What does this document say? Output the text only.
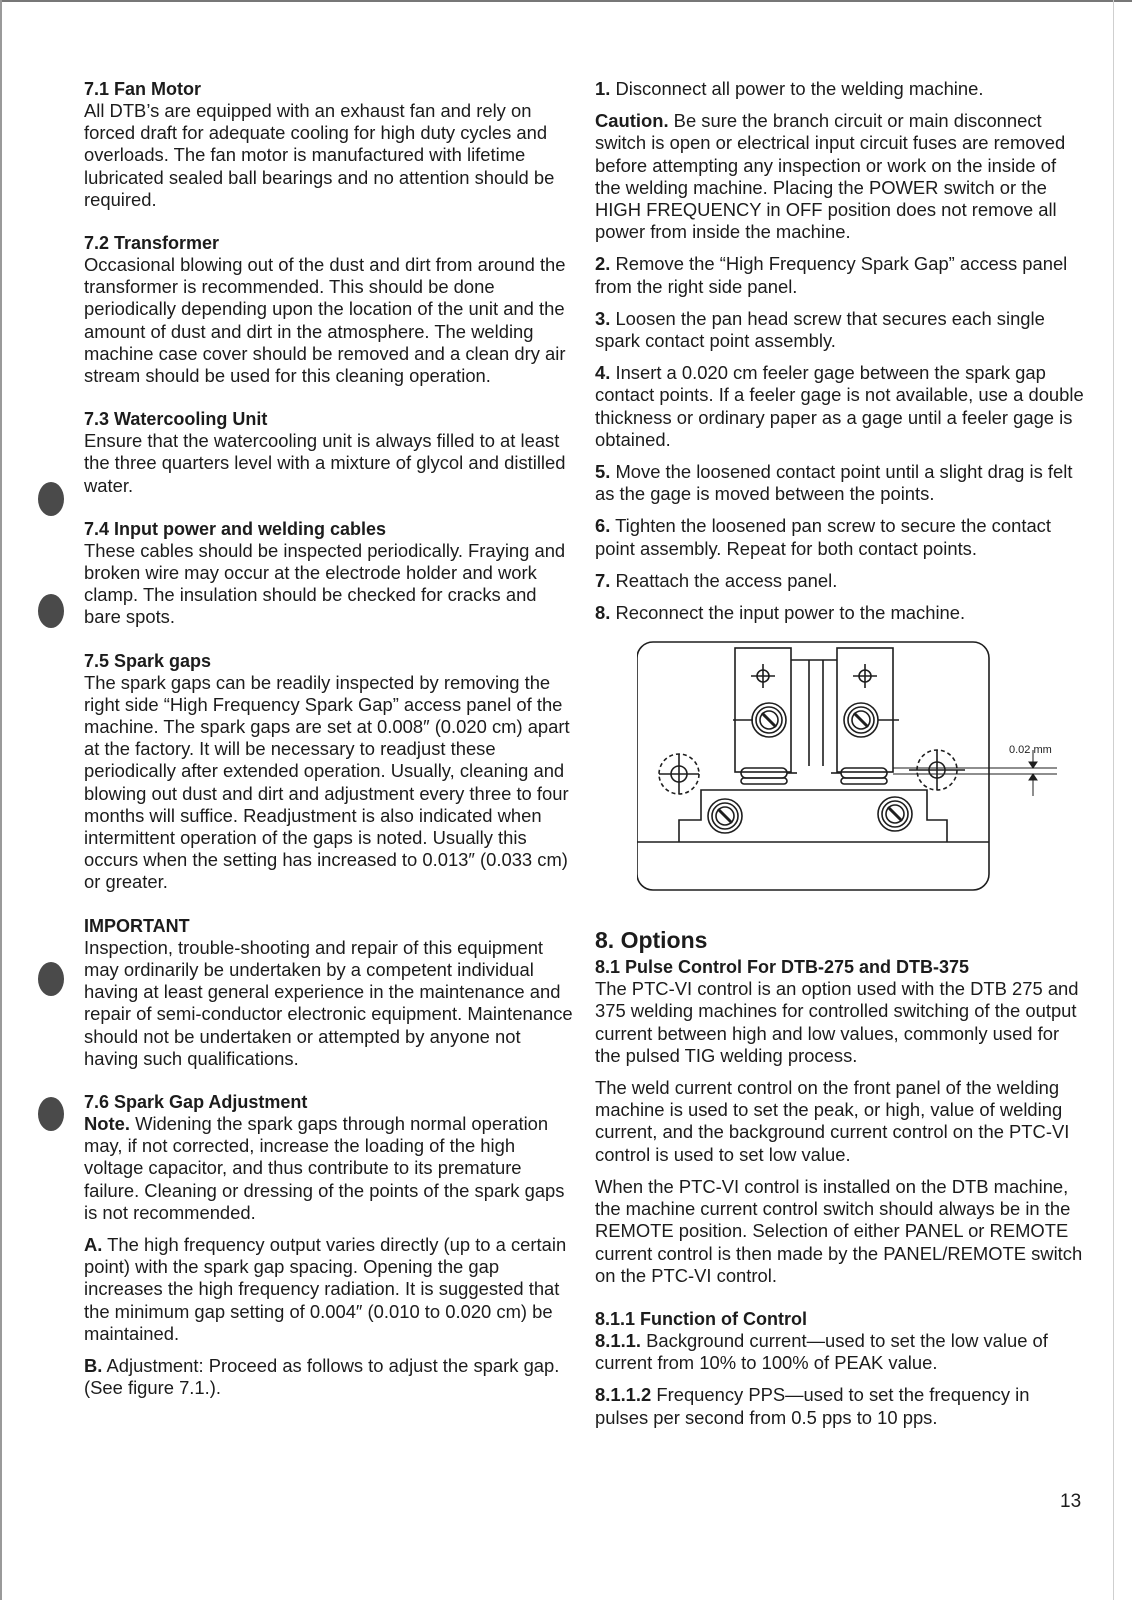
7.1 Fan Motor

All DTB’s are equipped with an exhaust fan and rely on forced draft for adequate cooling for high duty cycles and overloads. The fan motor is manufactured with lifetime lubricated sealed ball bearings and no attention should be required.

7.2 Transformer

Occasional blowing out of the dust and dirt from around the transformer is recommended. This should be done periodically depending upon the location of the unit and the amount of dust and dirt in the atmosphere. The welding machine case cover should be removed and a clean dry air stream should be used for this cleaning operation.

7.3 Watercooling Unit

Ensure that the watercooling unit is always filled to at least the three quarters level with a mixture of glycol and distilled water.

7.4 Input power and welding cables

These cables should be inspected periodically. Fraying and broken wire may occur at the electrode holder and work clamp. The insulation should be checked for cracks and bare spots.

7.5 Spark gaps

The spark gaps can be readily inspected by removing the right side “High Frequency Spark Gap” access panel of the machine. The spark gaps are set at 0.008″ (0.020 cm) apart at the factory. It will be necessary to readjust these periodically after extended operation. Usually, cleaning and blowing out dust and dirt and adjustment every three to four months will suffice. Readjustment is also indicated when intermittent operation of the gaps is noted. Usually this occurs when the setting has increased to 0.013″ (0.033 cm) or greater.

IMPORTANT

Inspection, trouble-shooting and repair of this equipment may ordinarily be undertaken by a competent individual having at least general experience in the maintenance and repair of semi-conductor electronic equipment. Maintenance should not be undertaken or attempted by anyone not having such qualifications.

7.6 Spark Gap Adjustment

Note. Widening the spark gaps through normal operation may, if not corrected, increase the loading of the high voltage capacitor, and thus contribute to its premature failure. Cleaning or dressing of the points of the spark gaps is not recommended.

A. The high frequency output varies directly (up to a certain point) with the spark gap spacing. Opening the gap increases the high frequency radiation. It is suggested that the minimum gap setting of 0.004″ (0.010 to 0.020 cm) be maintained.

B. Adjustment: Proceed as follows to adjust the spark gap. (See figure 7.1.).

1. Disconnect all power to the welding machine.

Caution. Be sure the branch circuit or main disconnect switch is open or electrical input circuit fuses are removed before attempting any inspection or work on the inside of the welding machine. Placing the POWER switch or the HIGH FREQUENCY in OFF position does not remove all power from inside the machine.

2. Remove the “High Frequency Spark Gap” access panel from the right side panel.

3. Loosen the pan head screw that secures each single spark contact point assembly.

4. Insert a 0.020 cm feeler gage between the spark gap contact points. If a feeler gage is not available, use a double thickness or ordinary paper as a gage until a feeler gage is obtained.

5. Move the loosened contact point until a slight drag is felt as the gage is moved between the points.

6. Tighten the loosened pan screw to secure the contact point assembly. Repeat for both contact points.

7. Reattach the access panel.

8. Reconnect the input power to the machine.

0.02 mm

8. Options

8.1 Pulse Control For DTB-275 and DTB-375

The PTC-VI control is an option used with the DTB 275 and 375 welding machines for controlled switching of the output current between high and low values, commonly used for the pulsed TIG welding process.

The weld current control on the front panel of the welding machine is used to set the peak, or high, value of welding current, and the background current control on the PTC-VI control is used to set low value.

When the PTC-VI control is installed on the DTB machine, the machine current control switch should always be in the REMOTE position. Selection of either PANEL or REMOTE current control is then made by the PANEL/REMOTE switch on the PTC-VI control.

8.1.1 Function of Control

8.1.1. Background current—used to set the low value of current from 10% to 100% of PEAK value.

8.1.1.2 Frequency PPS—used to set the frequency in pulses per second from 0.5 pps to 10 pps.

13
